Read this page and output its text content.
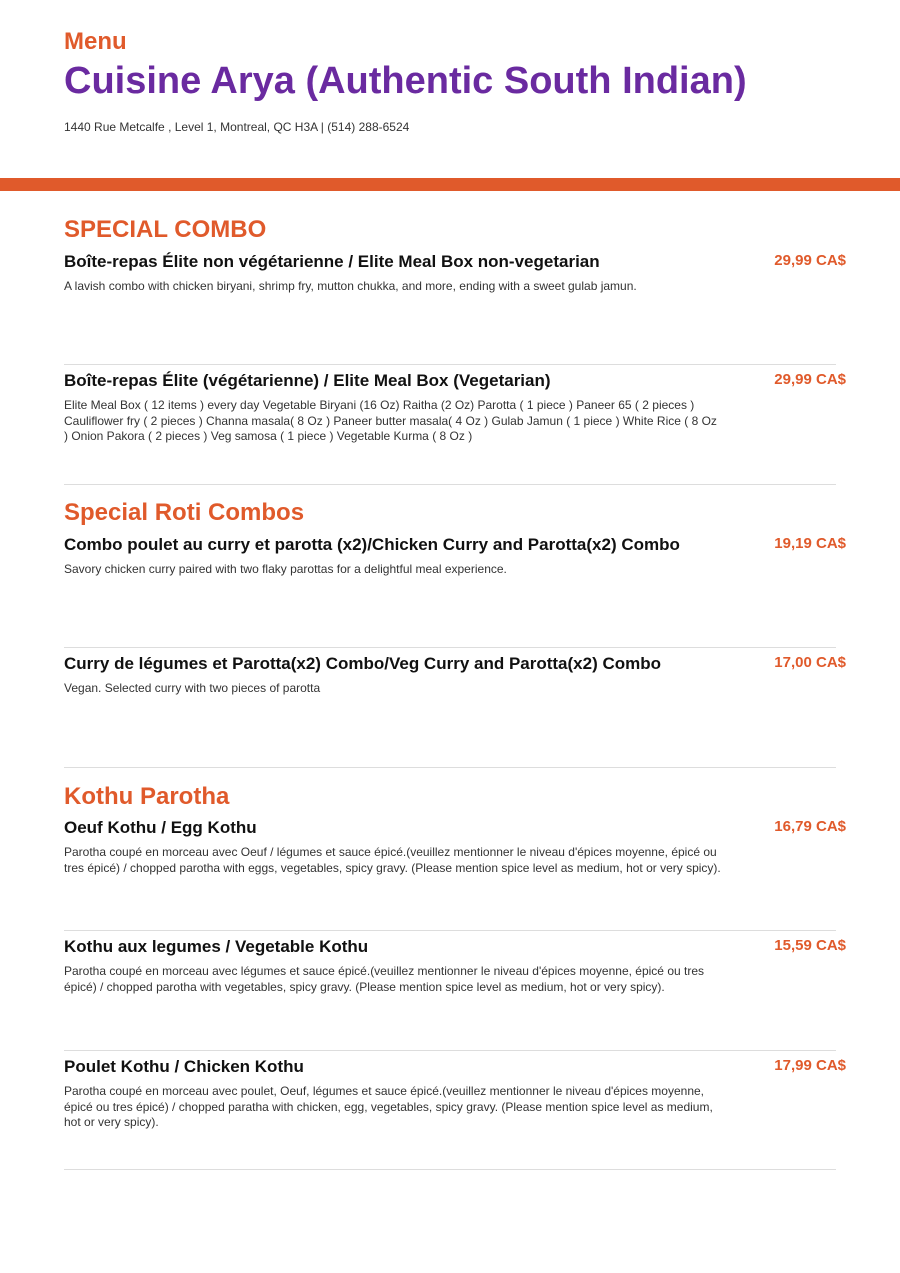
Menu
Cuisine Arya (Authentic South Indian)
1440 Rue Metcalfe , Level 1, Montreal, QC H3A | (514) 288-6524
SPECIAL COMBO
Boîte-repas Élite non végétarienne / Elite Meal Box non-vegetarian	29,99 CA$
A lavish combo with chicken biryani, shrimp fry, mutton chukka, and more, ending with a sweet gulab jamun.
Boîte-repas Élite (végétarienne) / Elite Meal Box (Vegetarian)	29,99 CA$
Elite Meal Box ( 12 items ) every day Vegetable Biryani (16 Oz) Raitha (2 Oz) Parotta ( 1 piece ) Paneer 65 ( 2 pieces ) Cauliflower fry ( 2 pieces ) Channa masala( 8 Oz ) Paneer butter masala( 4 Oz ) Gulab Jamun ( 1 piece ) White Rice ( 8 Oz ) Onion Pakora ( 2 pieces ) Veg samosa ( 1 piece ) Vegetable Kurma ( 8 Oz )
Special Roti Combos
Combo poulet au curry et parotta (x2)/Chicken Curry and Parotta(x2) Combo	19,19 CA$
Savory chicken curry paired with two flaky parottas for a delightful meal experience.
Curry de légumes et Parotta(x2) Combo/Veg Curry and Parotta(x2) Combo	17,00 CA$
Vegan. Selected curry with two pieces of parotta
Kothu Parotha
Oeuf Kothu / Egg Kothu	16,79 CA$
Parotha coupé en morceau avec Oeuf / légumes et sauce épicé.(veuillez mentionner le niveau d'épices moyenne, épicé ou tres épicé) / chopped parotha with eggs, vegetables, spicy gravy. (Please mention spice level as medium, hot or very spicy).
Kothu aux legumes / Vegetable Kothu	15,59 CA$
Parotha coupé en morceau avec légumes et sauce épicé.(veuillez mentionner le niveau d'épices moyenne, épicé ou tres épicé) / chopped parotha with vegetables, spicy gravy. (Please mention spice level as medium, hot or very spicy).
Poulet Kothu / Chicken Kothu	17,99 CA$
Parotha coupé en morceau avec poulet, Oeuf, légumes et sauce épicé.(veuillez mentionner le niveau d'épices moyenne, épicé ou tres épicé) / chopped paratha with chicken, egg, vegetables, spicy gravy. (Please mention spice level as medium, hot or very spicy).
